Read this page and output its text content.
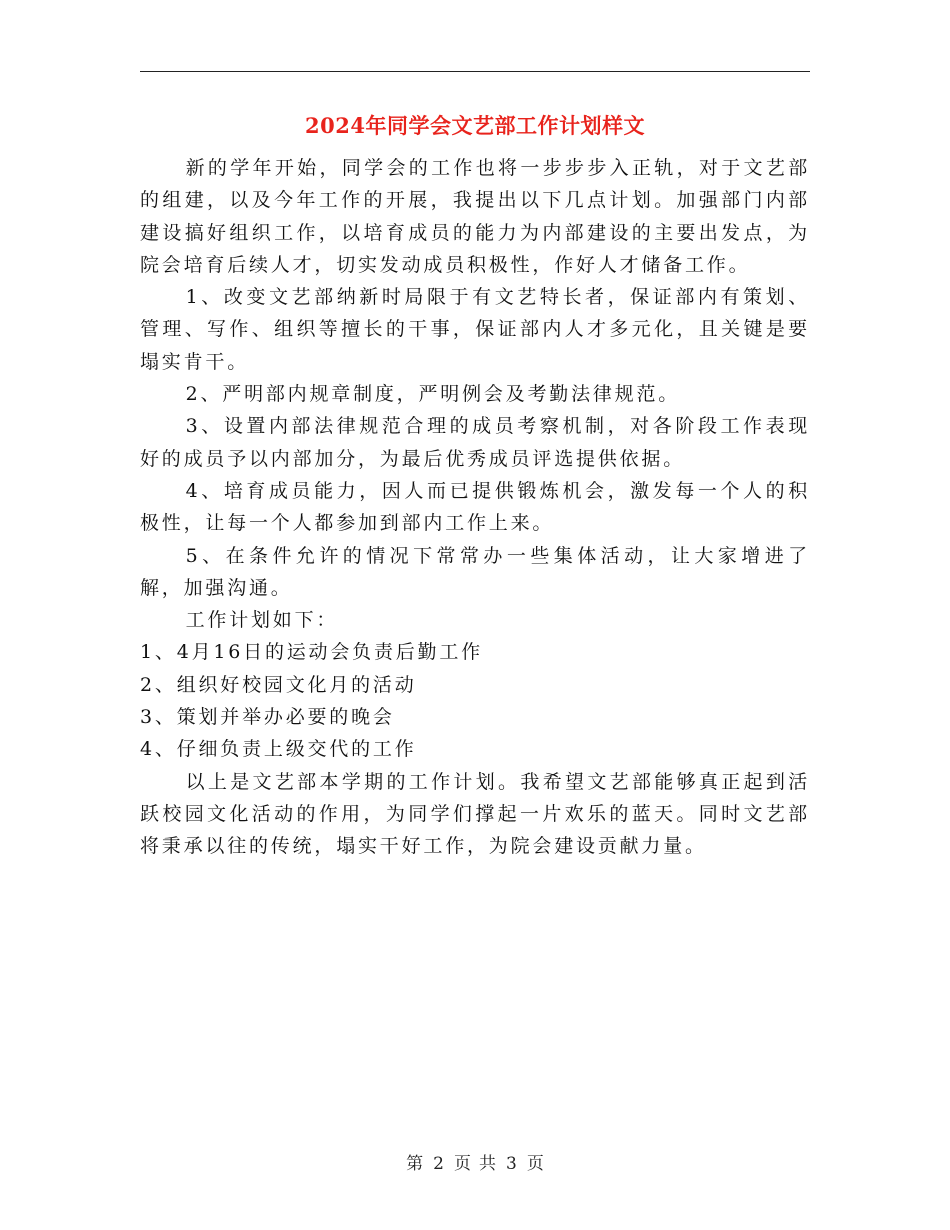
2024年同学会文艺部工作计划样文

新的学年开始，同学会的工作也将一步步步入正轨，对于文艺部的组建，以及今年工作的开展，我提出以下几点计划。加强部门内部建设搞好组织工作，以培育成员的能力为内部建设的主要出发点，为院会培育后续人才，切实发动成员积极性，作好人才储备工作。

1、改变文艺部纳新时局限于有文艺特长者，保证部内有策划、管理、写作、组织等擅长的干事，保证部内人才多元化，且关键是要塌实肯干。

2、严明部内规章制度，严明例会及考勤法律规范。

3、设置内部法律规范合理的成员考察机制，对各阶段工作表现好的成员予以内部加分，为最后优秀成员评选提供依据。

4、培育成员能力，因人而已提供锻炼机会，激发每一个人的积极性，让每一个人都参加到部内工作上来。

5、在条件允许的情况下常常办一些集体活动，让大家增进了解，加强沟通。

工作计划如下：

1、4月16日的运动会负责后勤工作

2、组织好校园文化月的活动

3、策划并举办必要的晚会

4、仔细负责上级交代的工作

以上是文艺部本学期的工作计划。我希望文艺部能够真正起到活跃校园文化活动的作用，为同学们撑起一片欢乐的蓝天。同时文艺部将秉承以往的传统，塌实干好工作，为院会建设贡献力量。

第 2 页 共 3 页
